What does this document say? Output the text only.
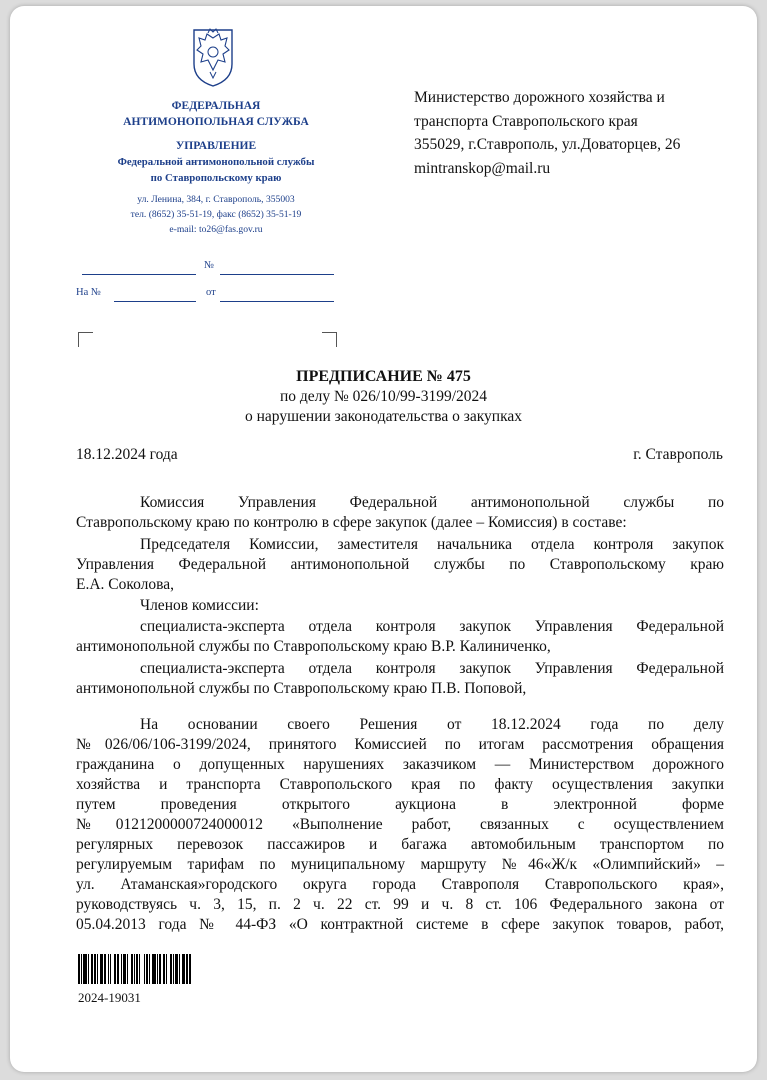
ФЕДЕРАЛЬНАЯ
АНТИМОНОПОЛЬНАЯ СЛУЖБА
УПРАВЛЕНИЕ
Федеральной антимонопольной службы
по Ставропольскому краю
ул. Ленина, 384, г. Ставрополь, 355003
тел. (8652) 35-51-19, факс (8652) 35-51-19
e-mail: to26@fas.gov.ru
№
На №	от
Министерство дорожного хозяйства и
транспорта Ставропольского края
355029, г.Ставрополь, ул.Доваторцев, 26
mintranskop@mail.ru
ПРЕДПИСАНИЕ № 475
по делу № 026/10/99-3199/2024
о нарушении законодательства о закупках
18.12.2024 года	г. Ставрополь
Комиссия Управления Федеральной антимонопольной службы по
Ставропольскому краю по контролю в сфере закупок (далее – Комиссия) в составе:
Председателя Комиссии, заместителя начальника отдела контроля закупок
Управления Федеральной антимонопольной службы по Ставропольскому краю
Е.А. Соколова,
Членов комиссии:
специалиста-эксперта отдела контроля закупок Управления Федеральной
антимонопольной службы по Ставропольскому краю В.Р. Калиниченко,
специалиста-эксперта отдела контроля закупок Управления Федеральной
антимонопольной службы по Ставропольскому краю П.В. Поповой,
На основании своего Решения от 18.12.2024 года по делу
№026/06/106-3199/2024, принятого Комиссией по итогам рассмотрения обращения
гражданина о допущенных нарушениях заказчиком — Министерством дорожного
хозяйства и транспорта Ставропольского края по факту осуществления закупки
путем проведения открытого аукциона в электронной форме
№0121200000724000012 «Выполнение работ, связанных с осуществлением
регулярных перевозок пассажиров и багажа автомобильным транспортом по
регулируемым тарифам по муниципальному маршруту №46«Ж/к «Олимпийский» –
ул. Атаманская»городского округа города Ставрополя Ставропольского края»,
руководствуясь ч. 3, 15, п. 2 ч. 22 ст. 99 и ч. 8 ст. 106 Федерального закона от
05.04.2013 года № 44-ФЗ «О контрактной системе в сфере закупок товаров, работ,
2024-19031
